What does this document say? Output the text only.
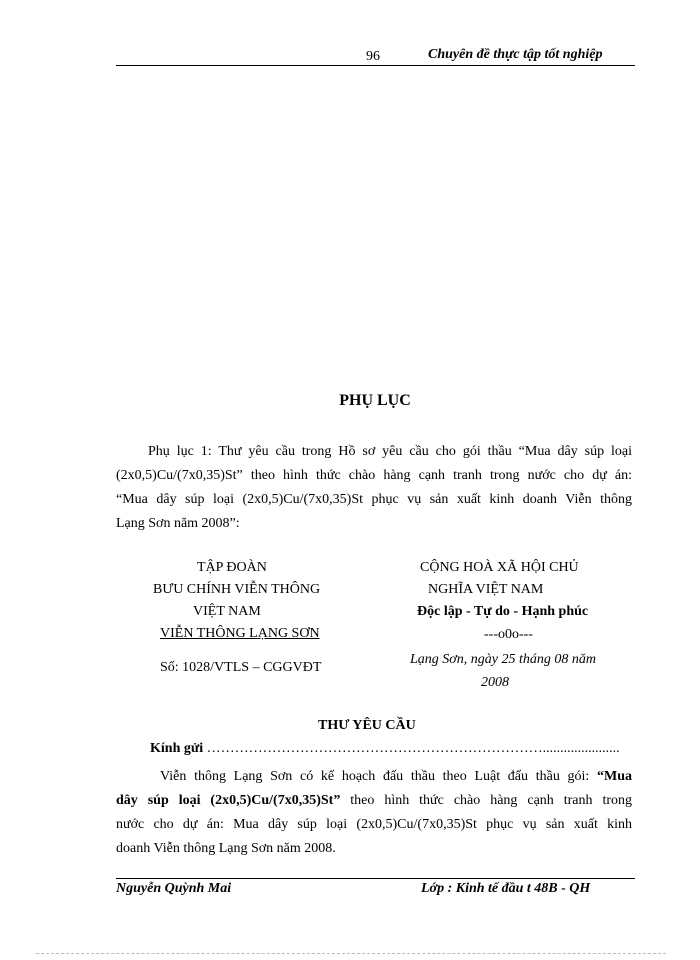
96	Chuyên đề thực tập tốt nghiệp
PHỤ LỤC
Phụ lục 1: Thư yêu cầu trong Hồ sơ yêu cầu cho gói thầu “Mua dây súp loại
(2x0,5)Cu/(7x0,35)St” theo hình thức chào hàng cạnh tranh trong nước cho dự án:
“Mua dây súp loại (2x0,5)Cu/(7x0,35)St phục vụ sản xuất kinh doanh Viễn thông
Lạng Sơn năm 2008”:
TẬP ĐOÀN
BƯU CHÍNH VIỄN THÔNG
VIỆT NAM
VIỄN THÔNG LẠNG SƠN
Số: 1028/VTLS – CGGVĐT
CỘNG HOÀ XÃ HỘI CHỦ
NGHĨA VIỆT NAM
Độc lập - Tự do - Hạnh phúc
---o0o---
Lạng Sơn, ngày 25 tháng 08 năm
2008
THƯ YÊU CẦU
Kính gửi ………………………………………………………………......................
Viễn thông Lạng Sơn có kế hoạch đấu thầu theo Luật đấu thầu gói: “Mua
dây súp loại (2x0,5)Cu/(7x0,35)St” theo hình thức chào hàng cạnh tranh trong
nước cho dự án: Mua dây súp loại (2x0,5)Cu/(7x0,35)St phục vụ sản xuất kinh
doanh Viễn thông Lạng Sơn năm 2008.
Nguyễn Quỳnh Mai	Lớp : Kinh tế đầu t 48B - QH
